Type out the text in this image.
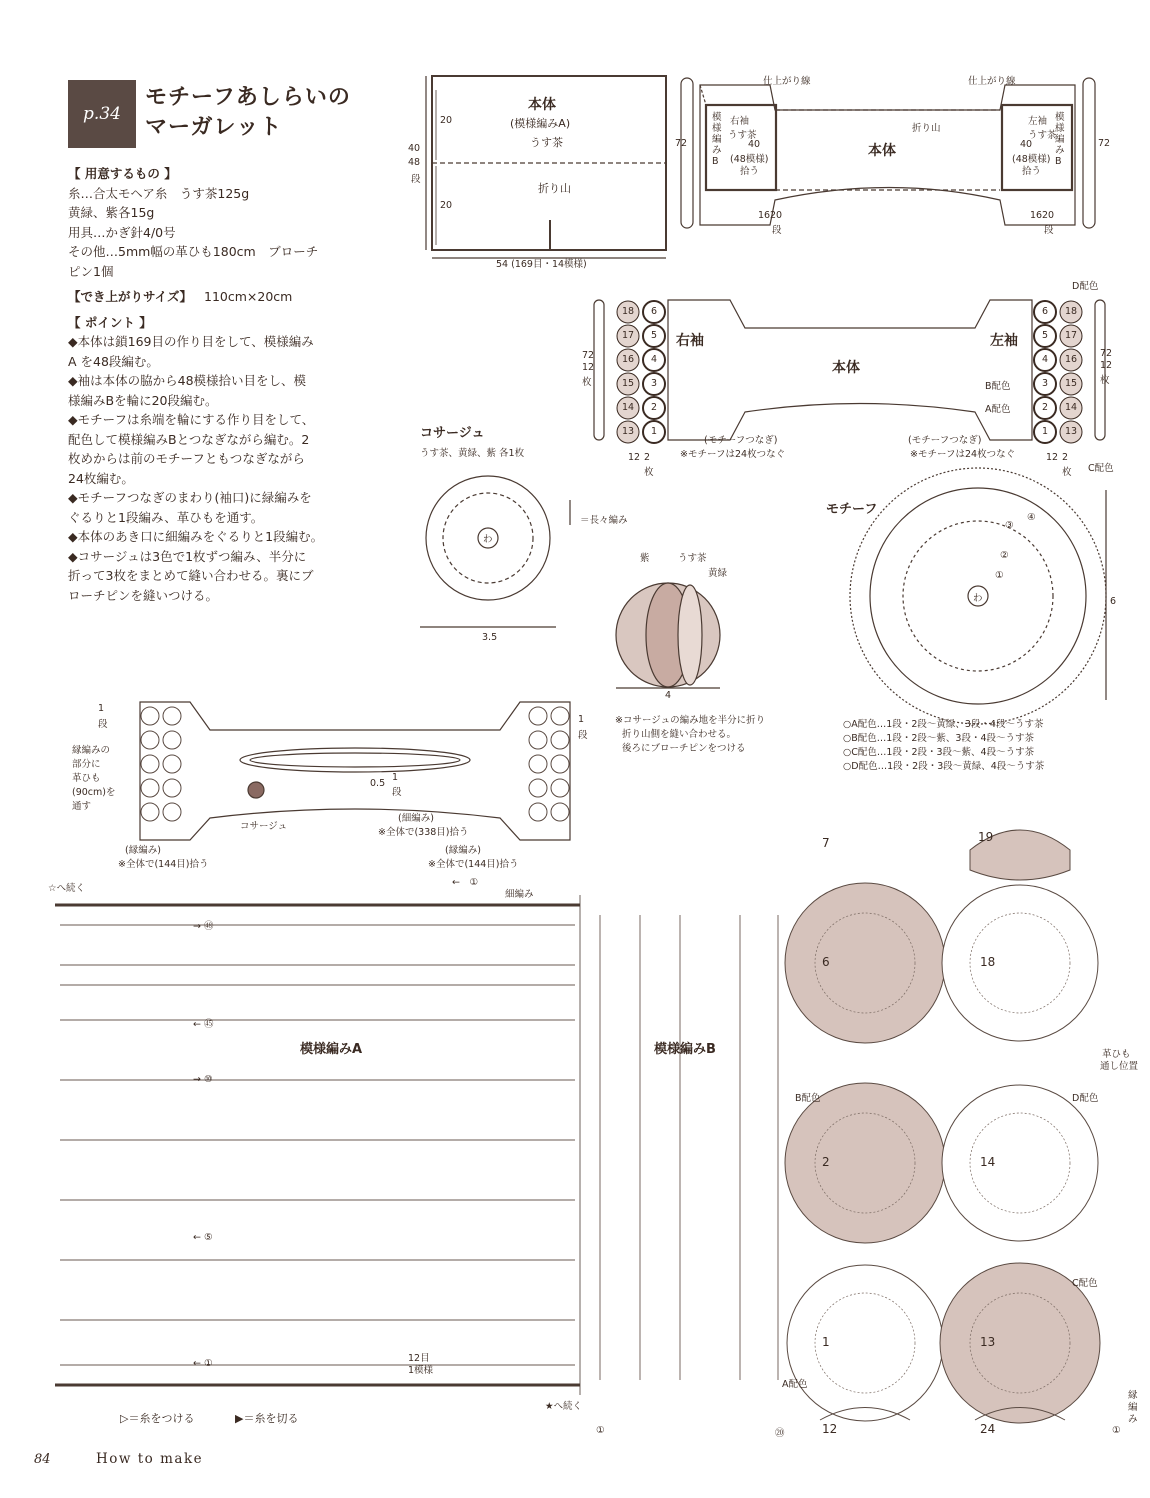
p.34
モチーフあしらいの
マーガレット
【 用意するもの 】
糸…合太モヘア糸　うす茶125g
黄緑、紫各15g
用具…かぎ針4/0号
その他…5mm幅の革ひも180cm　ブローチ
ピン1個
【でき上がりサイズ】 110cm×20cm
【 ポイント 】
◆本体は鎖169目の作り目をして、模様編み
A を48段編む。
◆袖は本体の脇から48模様拾い目をし、模
様編みBを輪に20段編む。
◆モチーフは糸端を輪にする作り目をして、
配色して模様編みBとつなぎながら編む。2
枚めからは前のモチーフともつなぎながら
24枚編む。
◆モチーフつなぎのまわり(袖口)に緑編みを
ぐるりと1段編み、革ひもを通す。
◆本体のあき口に細編みをぐるりと1段編む。
◆コサージュは3色で1枚ずつ編み、半分に
折って3枚をまとめて縫い合わせる。裏にブ
ローチピンを縫いつける。
本体
(模様編みA)
うす茶
折り山
20
20
40
48
段
54 (169目・14模様)
仕上がり線	仕上がり線
折り山
本体
右袖	左袖
模様編みB
うす茶
40
(48模様)
拾う
模様編みB
うす茶
40
(48模様)
拾う
72	72
16 20
段
16 20
段
右袖	左袖
本体
D配色
B配色
A配色
C配色
(モチーフつなぎ)
※モチーフは24枚つなぐ
(モチーフつなぎ)
※モチーフは24枚つなぐ
72
12
枚
72
12
枚
12 2
枚
12 2
枚
18
17
16
15
14
13
6
5
4
3
2
1
6
5
4
3
2
1
18
17
16
15
14
13
コサージュ
うす茶、黄緑、紫 各1枚
＝長々編み
わ
3.5
紫	うす茶
黄緑
4
※コサージュの編み地を半分に折り
折り山側を縫い合わせる。
後ろにブローチピンをつける
モチーフ
わ	6
①
②
③
④
○A配色…1段・2段〜黄緑、3段・4段〜うす茶
○B配色…1段・2段〜紫、3段・4段〜うす茶
○C配色…1段・2段・3段〜紫、4段〜うす茶
○D配色…1段・2段・3段〜黄緑、4段〜うす茶
1
段	1
段
縁編みの
部分に
革ひも
(90cm)を
通す
コサージュ
0.5
1
段
(細編み)
※全体で(338目)拾う
(縁編み)
※全体で(144目)拾う
(縁編み)
※全体で(144目)拾う
☆へ続く
←　①
細編み
模様編みA	模様編みB
→ ㊽
← ㊺
→ ⑩
← ⑤
← ①	12目
1模様
▷＝糸をつける	▶＝糸を切る
★へ続く
A配色
B配色
C配色
D配色
①	⑳	12	24
7	19
6	18
2	14
1	13
革ひも
通し位置
縁
編
み
①
84	How to make
